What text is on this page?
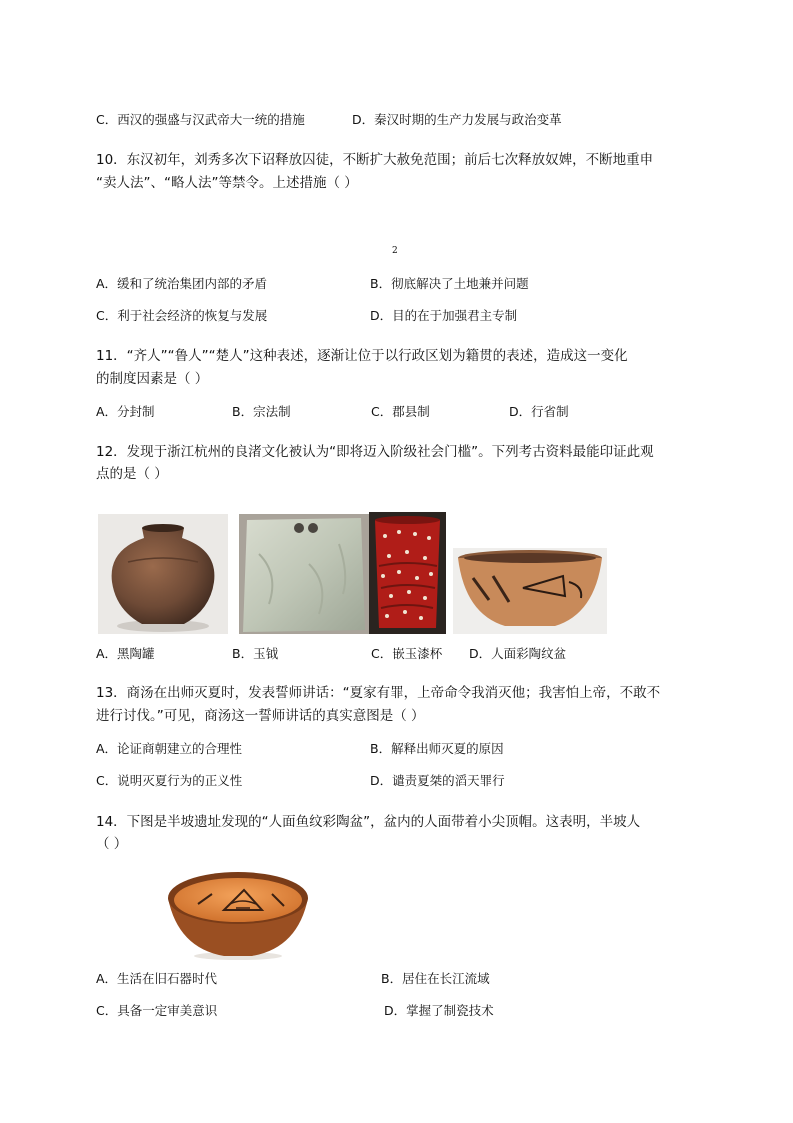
C．西汉的强盛与汉武帝大一统的措施	D．秦汉时期的生产力发展与政治变革
10．东汉初年，刘秀多次下诏释放囚徒，不断扩大赦免范围；前后七次释放奴婢，不断地重申
“卖人法”、“略人法”等禁令。上述措施（ ）
2
A．缓和了统治集团内部的矛盾	B．彻底解决了土地兼并问题
C．利于社会经济的恢复与发展	D．目的在于加强君主专制
11．“齐人”“鲁人”“楚人”这种表述，逐渐让位于以行政区划为籍贯的表述，造成这一变化
的制度因素是（ ）
A．分封制	B．宗法制	C．郡县制	D．行省制
12．发现于浙江杭州的良渚文化被认为“即将迈入阶级社会门槛”。下列考古资料最能印证此观
点的是（ ）
A．黑陶罐	B．玉钺	C．嵌玉漆杯 D．人面彩陶纹盆
13．商汤在出师灭夏时，发表誓师讲话：“夏家有罪，上帝命令我消灭他；我害怕上帝，不敢不
进行讨伐。”可见，商汤这一誓师讲话的真实意图是（ ）
A．论证商朝建立的合理性	B．解释出师灭夏的原因
C．说明灭夏行为的正义性	D．谴责夏桀的滔天罪行
14．下图是半坡遗址发现的“人面鱼纹彩陶盆”，盆内的人面带着小尖顶帽。这表明，半坡人
（ ）
A．生活在旧石器时代	B．居住在长江流域
C．具备一定审美意识	D．掌握了制瓷技术
